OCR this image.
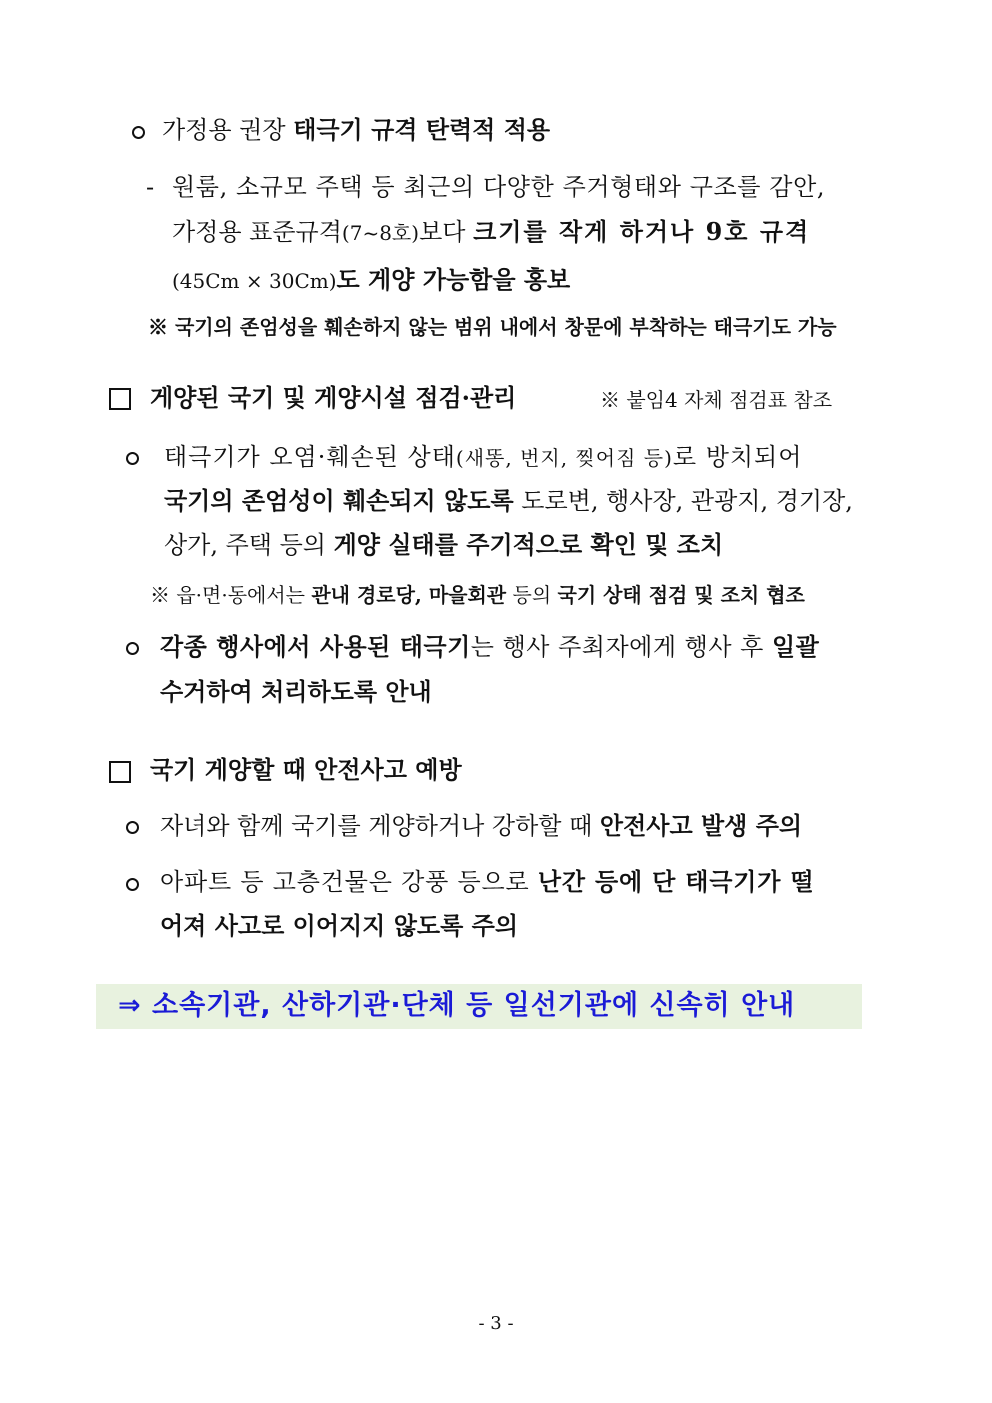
가정용 권장 태극기 규격 탄력적 적용
- 원룸, 소규모 주택 등 최근의 다양한 주거형태와 구조를 감안,
가정용 표준규격(7~8호)보다 크기를 작게 하거나 9호 규격
(45Cm × 30Cm)도 게양 가능함을 홍보
※ 국기의 존엄성을 훼손하지 않는 범위 내에서 창문에 부착하는 태극기도 가능
게양된 국기 및 게양시설 점검·관리	※ 붙임4 자체 점검표 참조
태극기가 오염·훼손된 상태(새똥, 번지, 찢어짐 등)로 방치되어
국기의 존엄성이 훼손되지 않도록 도로변, 행사장, 관광지, 경기장,
상가, 주택 등의 게양 실태를 주기적으로 확인 및 조치
※ 읍·면·동에서는 관내 경로당, 마을회관 등의 국기 상태 점검 및 조치 협조
각종 행사에서 사용된 태극기는 행사 주최자에게 행사 후 일괄
수거하여 처리하도록 안내
국기 게양할 때 안전사고 예방
자녀와 함께 국기를 게양하거나 강하할 때 안전사고 발생 주의
아파트 등 고층건물은 강풍 등으로 난간 등에 단 태극기가 떨
어져 사고로 이어지지 않도록 주의
⇒ 소속기관, 산하기관·단체 등 일선기관에 신속히 안내
- 3 -
